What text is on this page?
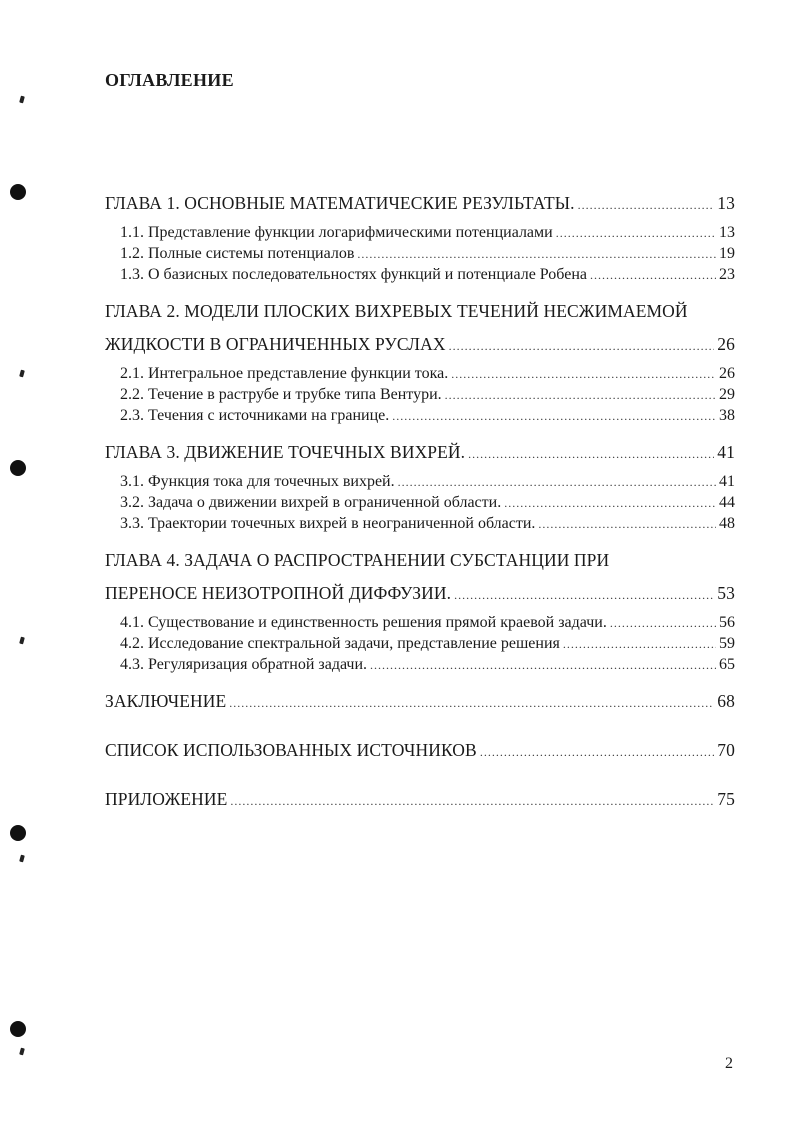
ОГЛАВЛЕНИЕ
ГЛАВА 1. ОСНОВНЫЕ МАТЕМАТИЧЕСКИЕ РЕЗУЛЬТАТЫ. .....	13
1.1. Представление функции логарифмическими потенциалами .....	13
1.2. Полные системы потенциалов .....	19
1.3. О базисных последовательностях функций и потенциале Робена .....	23
ГЛАВА 2. МОДЕЛИ ПЛОСКИХ ВИХРЕВЫХ ТЕЧЕНИЙ НЕСЖИМАЕМОЙ
ЖИДКОСТИ В ОГРАНИЧЕННЫХ РУСЛАХ .....	26
2.1. Интегральное представление функции тока. .....	26
2.2. Течение в раструбе и трубке типа Вентури. .....	29
2.3. Течения с источниками на границе. .....	38
ГЛАВА 3. ДВИЖЕНИЕ ТОЧЕЧНЫХ ВИХРЕЙ. .....	41
3.1. Функция тока для точечных вихрей. .....	41
3.2. Задача о движении вихрей в ограниченной области. .....	44
3.3. Траектории точечных вихрей в неограниченной области. .....	48
ГЛАВА 4. ЗАДАЧА О РАСПРОСТРАНЕНИИ СУБСТАНЦИИ ПРИ
ПЕРЕНОСЕ НЕИЗОТРОПНОЙ ДИФФУЗИИ. .....	53
4.1. Существование и единственность решения прямой краевой задачи. .....	56
4.2. Исследование спектральной задачи, представление решения .....	59
4.3. Регуляризация обратной задачи. .....	65
ЗАКЛЮЧЕНИЕ .....	68
СПИСОК ИСПОЛЬЗОВАННЫХ ИСТОЧНИКОВ .....	70
ПРИЛОЖЕНИЕ .....	75
2
